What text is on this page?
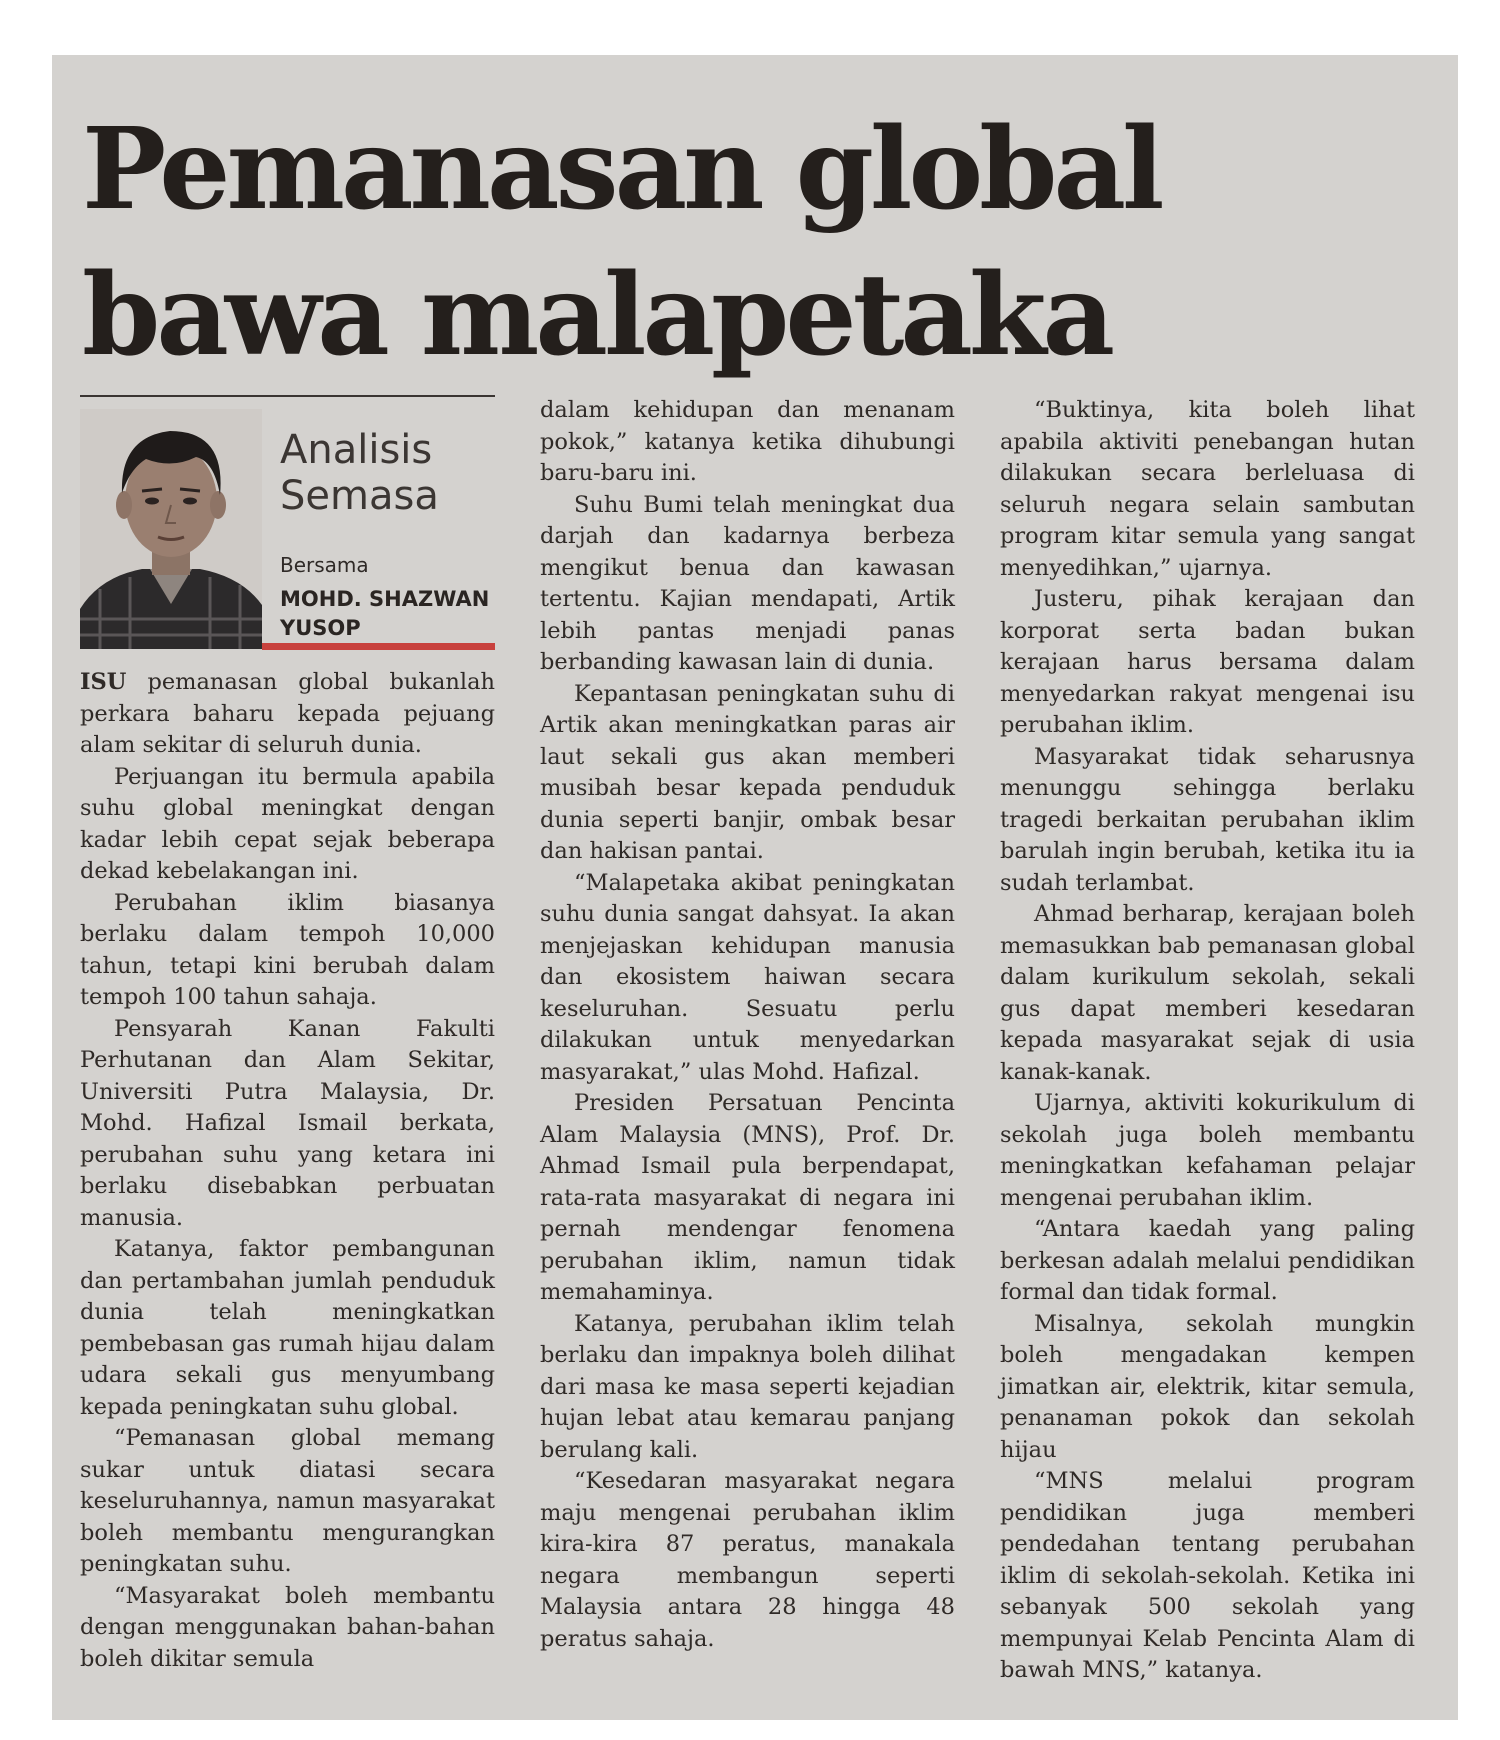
Pemanasan global
bawa malapetaka
Analisis
Semasa
Bersama
MOHD. SHAZWAN
YUSOP

ISU pemanasan global bukanlah perkara baharu kepada pejuang alam sekitar di seluruh dunia.

Perjuangan itu bermula apabila suhu global meningkat dengan kadar lebih cepat sejak beberapa dekad kebelakangan ini.

Perubahan iklim biasanya berlaku dalam tempoh 10,000 tahun, tetapi kini berubah dalam tempoh 100 tahun sahaja.

Pensyarah Kanan Fakulti Perhutanan dan Alam Sekitar, Universiti Putra Malaysia, Dr. Mohd. Hafizal Ismail berkata, perubahan suhu yang ketara ini berlaku disebabkan perbuatan manusia.

Katanya, faktor pembangunan dan pertambahan jumlah penduduk dunia telah meningkatkan pembebasan gas rumah hijau dalam udara sekali gus menyumbang kepada peningkatan suhu global.

“Pemanasan global memang sukar untuk diatasi secara keseluruhannya, namun masyarakat boleh membantu mengurangkan peningkatan suhu.

“Masyarakat boleh membantu dengan menggunakan bahan-bahan boleh dikitar semula

dalam kehidupan dan menanam pokok,” katanya ketika dihubungi baru-baru ini.

Suhu Bumi telah meningkat dua darjah dan kadarnya berbeza mengikut benua dan kawasan tertentu. Kajian mendapati, Artik lebih pantas menjadi panas berbanding kawasan lain di dunia.

Kepantasan peningkatan suhu di Artik akan meningkatkan paras air laut sekali gus akan memberi musibah besar kepada penduduk dunia seperti banjir, ombak besar dan hakisan pantai.

“Malapetaka akibat peningkatan suhu dunia sangat dahsyat. Ia akan menjejaskan kehidupan manusia dan ekosistem haiwan secara keseluruhan. Sesuatu perlu dilakukan untuk menyedarkan masyarakat,” ulas Mohd. Hafizal.

Presiden Persatuan Pencinta Alam Malaysia (MNS), Prof. Dr. Ahmad Ismail pula berpendapat, rata-rata masyarakat di negara ini pernah mendengar fenomena perubahan iklim, namun tidak memahaminya.

Katanya, perubahan iklim telah berlaku dan impaknya boleh dilihat dari masa ke masa seperti kejadian hujan lebat atau kemarau panjang berulang kali.

“Kesedaran masyarakat negara maju mengenai perubahan iklim kira-kira 87 peratus, manakala negara membangun seperti Malaysia antara 28 hingga 48 peratus sahaja.

“Buktinya, kita boleh lihat apabila aktiviti penebangan hutan dilakukan secara berleluasa di seluruh negara selain sambutan program kitar semula yang sangat menyedihkan,” ujarnya.

Justeru, pihak kerajaan dan korporat serta badan bukan kerajaan harus bersama dalam menyedarkan rakyat mengenai isu perubahan iklim.

Masyarakat tidak seharusnya menunggu sehingga berlaku tragedi berkaitan perubahan iklim barulah ingin berubah, ketika itu ia sudah terlambat.

Ahmad berharap, kerajaan boleh memasukkan bab pemanasan global dalam kurikulum sekolah, sekali gus dapat memberi kesedaran kepada masyarakat sejak di usia kanak-kanak.

Ujarnya, aktiviti kokurikulum di sekolah juga boleh membantu meningkatkan kefahaman pelajar mengenai perubahan iklim.

“Antara kaedah yang paling berkesan adalah melalui pendidikan formal dan tidak formal.

Misalnya, sekolah mungkin boleh mengadakan kempen jimatkan air, elektrik, kitar semula, penanaman pokok dan sekolah hijau

“MNS melalui program pendidikan juga memberi pendedahan tentang perubahan iklim di sekolah-sekolah. Ketika ini sebanyak 500 sekolah yang mempunyai Kelab Pencinta Alam di bawah MNS,” katanya.
